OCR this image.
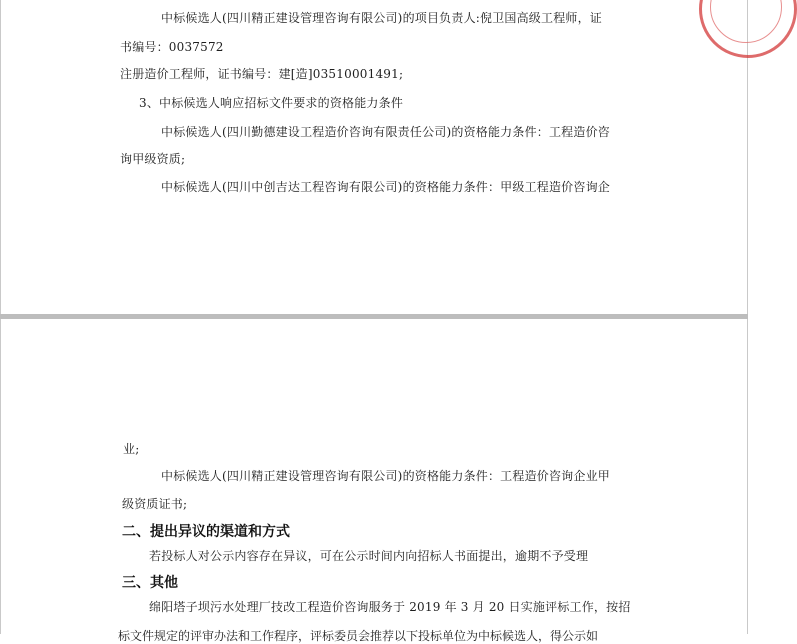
中标候选人(四川精正建设管理咨询有限公司)的项目负责人:倪卫国高级工程师，证
书编号：0037572
注册造价工程师，证书编号：建[造]03510001491;
3、中标候选人响应招标文件要求的资格能力条件
中标候选人(四川勤德建设工程造价咨询有限责任公司)的资格能力条件：工程造价咨
询甲级资质;
中标候选人(四川中创吉达工程咨询有限公司)的资格能力条件：甲级工程造价咨询企
业;
中标候选人(四川精正建设管理咨询有限公司)的资格能力条件：工程造价咨询企业甲
级资质证书;
二、提出异议的渠道和方式
若投标人对公示内容存在异议，可在公示时间内向招标人书面提出，逾期不予受理
三、其他
绵阳塔子坝污水处理厂技改工程造价咨询服务于 2019 年 3 月 20 日实施评标工作，按招
标文件规定的评审办法和工作程序，评标委员会推荐以下投标单位为中标候选人，得公示如
